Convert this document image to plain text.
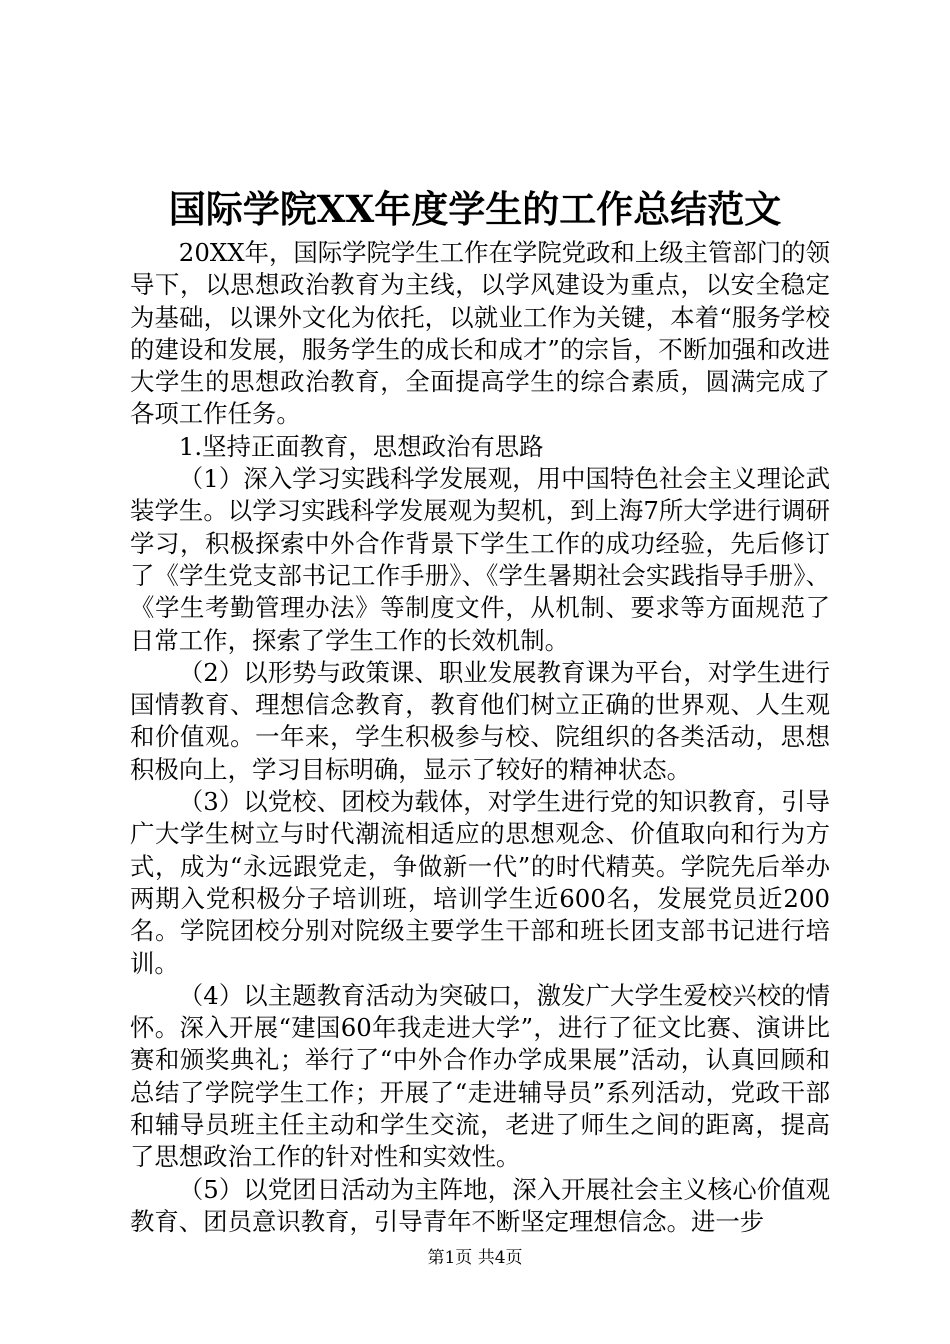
国际学院XX年度学生的工作总结范文

20XX年，国际学院学生工作在学院党政和上级主管部门的领导下，以思想政治教育为主线，以学风建设为重点，以安全稳定为基础，以课外文化为依托，以就业工作为关键，本着“服务学校的建设和发展，服务学生的成长和成才”的宗旨，不断加强和改进大学生的思想政治教育，全面提高学生的综合素质，圆满完成了各项工作任务。

1.坚持正面教育，思想政治有思路

（1）深入学习实践科学发展观，用中国特色社会主义理论武装学生。以学习实践科学发展观为契机，到上海7所大学进行调研学习，积极探索中外合作背景下学生工作的成功经验，先后修订了《学生党支部书记工作手册》、《学生暑期社会实践指导手册》、《学生考勤管理办法》等制度文件，从机制、要求等方面规范了日常工作，探索了学生工作的长效机制。

（2）以形势与政策课、职业发展教育课为平台，对学生进行国情教育、理想信念教育，教育他们树立正确的世界观、人生观和价值观。一年来，学生积极参与校、院组织的各类活动，思想积极向上，学习目标明确，显示了较好的精神状态。

（3）以党校、团校为载体，对学生进行党的知识教育，引导广大学生树立与时代潮流相适应的思想观念、价值取向和行为方式，成为“永远跟党走，争做新一代”的时代精英。学院先后举办两期入党积极分子培训班，培训学生近600名，发展党员近200名。学院团校分别对院级主要学生干部和班长团支部书记进行培训。

（4）以主题教育活动为突破口，激发广大学生爱校兴校的情怀。深入开展“建国60年我走进大学”，进行了征文比赛、演讲比赛和颁奖典礼；举行了“中外合作办学成果展”活动，认真回顾和总结了学院学生工作；开展了“走进辅导员”系列活动，党政干部和辅导员班主任主动和学生交流，老进了师生之间的距离，提高了思想政治工作的针对性和实效性。

（5）以党团日活动为主阵地，深入开展社会主义核心价值观教育、团员意识教育，引导青年不断坚定理想信念。进一步

第1页 共4页
